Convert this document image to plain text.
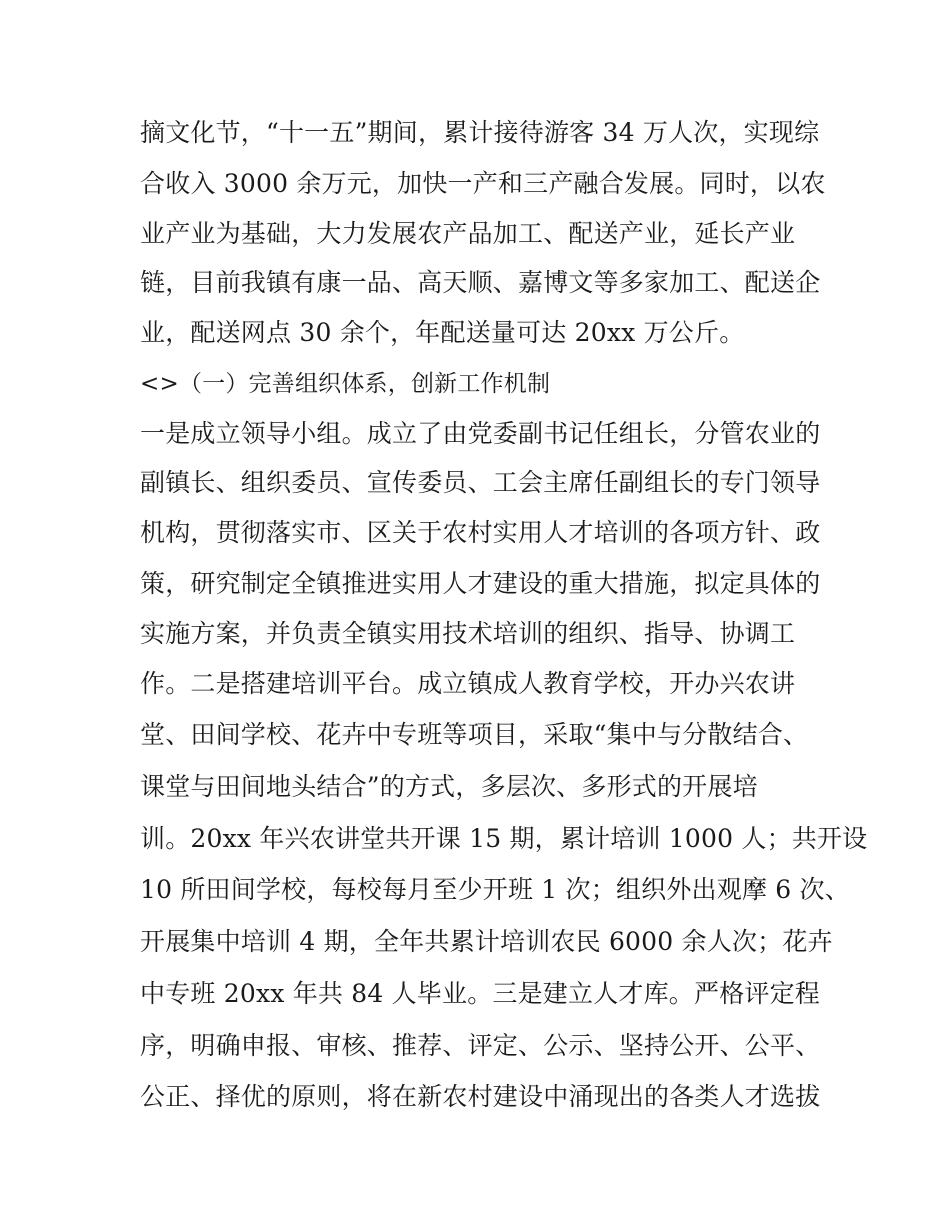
摘文化节，“十一五”期间，累计接待游客 34 万人次，实现综
合收入 3000 余万元，加快一产和三产融合发展。同时，以农
业产业为基础，大力发展农产品加工、配送产业，延长产业
链，目前我镇有康一品、高天顺、嘉博文等多家加工、配送企
业，配送网点 30 余个，年配送量可达 20xx 万公斤。
<>（一）完善组织体系，创新工作机制
一是成立领导小组。成立了由党委副书记任组长，分管农业的
副镇长、组织委员、宣传委员、工会主席任副组长的专门领导
机构，贯彻落实市、区关于农村实用人才培训的各项方针、政
策，研究制定全镇推进实用人才建设的重大措施，拟定具体的
实施方案，并负责全镇实用技术培训的组织、指导、协调工
作。二是搭建培训平台。成立镇成人教育学校，开办兴农讲
堂、田间学校、花卉中专班等项目，采取“集中与分散结合、
课堂与田间地头结合”的方式，多层次、多形式的开展培
训。20xx 年兴农讲堂共开课 15 期，累计培训 1000 人；共开设
10 所田间学校，每校每月至少开班 1 次；组织外出观摩 6 次、
开展集中培训 4 期，全年共累计培训农民 6000 余人次；花卉
中专班 20xx 年共 84 人毕业。三是建立人才库。严格评定程
序，明确申报、审核、推荐、评定、公示、坚持公开、公平、
公正、择优的原则，将在新农村建设中涌现出的各类人才选拔
